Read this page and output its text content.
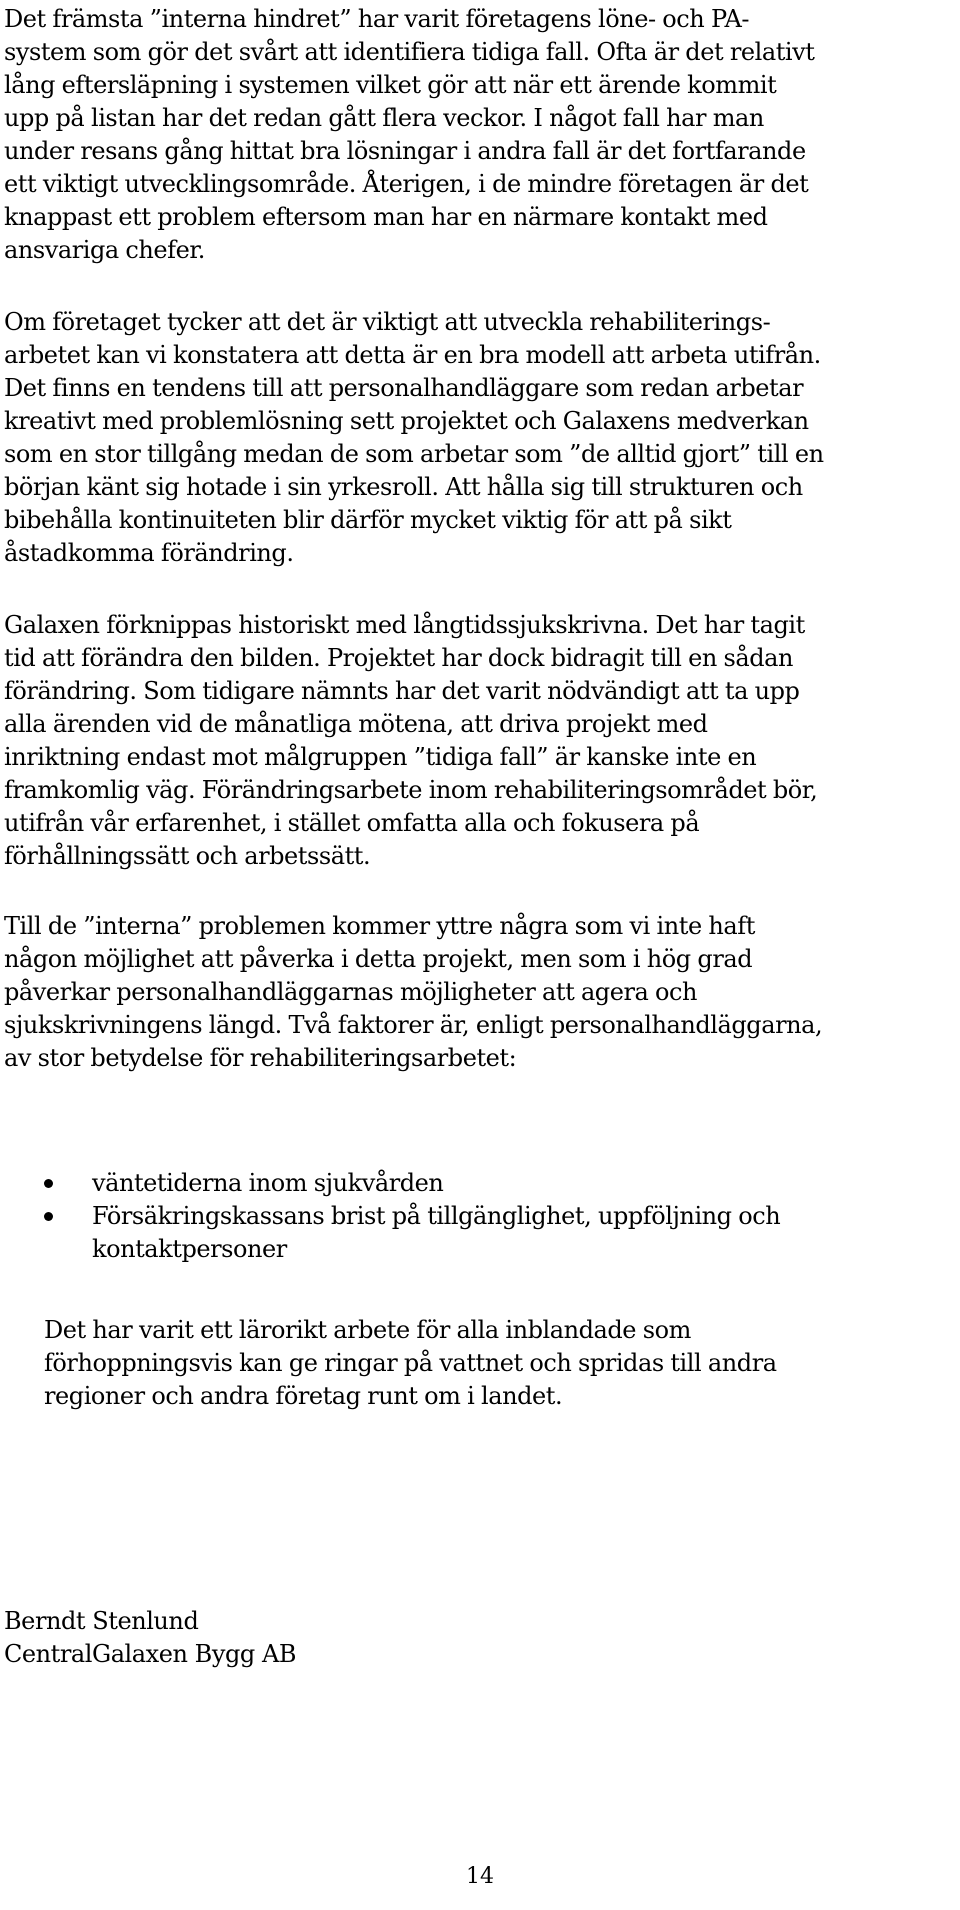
Det främsta ”interna hindret” har varit företagens löne- och PA-
system som gör det svårt att identifiera tidiga fall. Ofta är det relativt
lång eftersläpning i systemen vilket gör att när ett ärende kommit
upp på listan har det redan gått flera veckor. I något fall har man
under resans gång hittat bra lösningar i andra fall är det fortfarande
ett viktigt utvecklingsområde. Återigen, i de mindre företagen är det
knappast ett problem eftersom man har en närmare kontakt med
ansvariga chefer.

Om företaget tycker att det är viktigt att utveckla rehabiliterings-
arbetet kan vi konstatera att detta är en bra modell att arbeta utifrån.
Det finns en tendens till att personalhandläggare som redan arbetar
kreativt med problemlösning sett projektet och Galaxens medverkan
som en stor tillgång medan de som arbetar som ”de alltid gjort” till en
början känt sig hotade i sin yrkesroll. Att hålla sig till strukturen och
bibehålla kontinuiteten blir därför mycket viktig för att på sikt
åstadkomma förändring.

Galaxen förknippas historiskt med långtidssjukskrivna. Det har tagit
tid att förändra den bilden. Projektet har dock bidragit till en sådan
förändring. Som tidigare nämnts har det varit nödvändigt att ta upp
alla ärenden vid de månatliga mötena, att driva projekt med
inriktning endast mot målgruppen ”tidiga fall” är kanske inte en
framkomlig väg. Förändringsarbete inom rehabiliteringsområdet bör,
utifrån vår erfarenhet, i stället omfatta alla och fokusera på
förhållningssätt och arbetssätt.

Till de ”interna” problemen kommer yttre några som vi inte haft
någon möjlighet att påverka i detta projekt, men som i hög grad
påverkar personalhandläggarnas möjligheter att agera och
sjukskrivningens längd. Två faktorer är, enligt personalhandläggarna,
av stor betydelse för rehabiliteringsarbetet:

väntetiderna inom sjukvården
Försäkringskassans brist på tillgänglighet, uppföljning och
kontaktpersoner

Det har varit ett lärorikt arbete för alla inblandade som
förhoppningsvis kan ge ringar på vattnet och spridas till andra
regioner och andra företag runt om i landet.

Berndt Stenlund
CentralGalaxen Bygg AB

14
